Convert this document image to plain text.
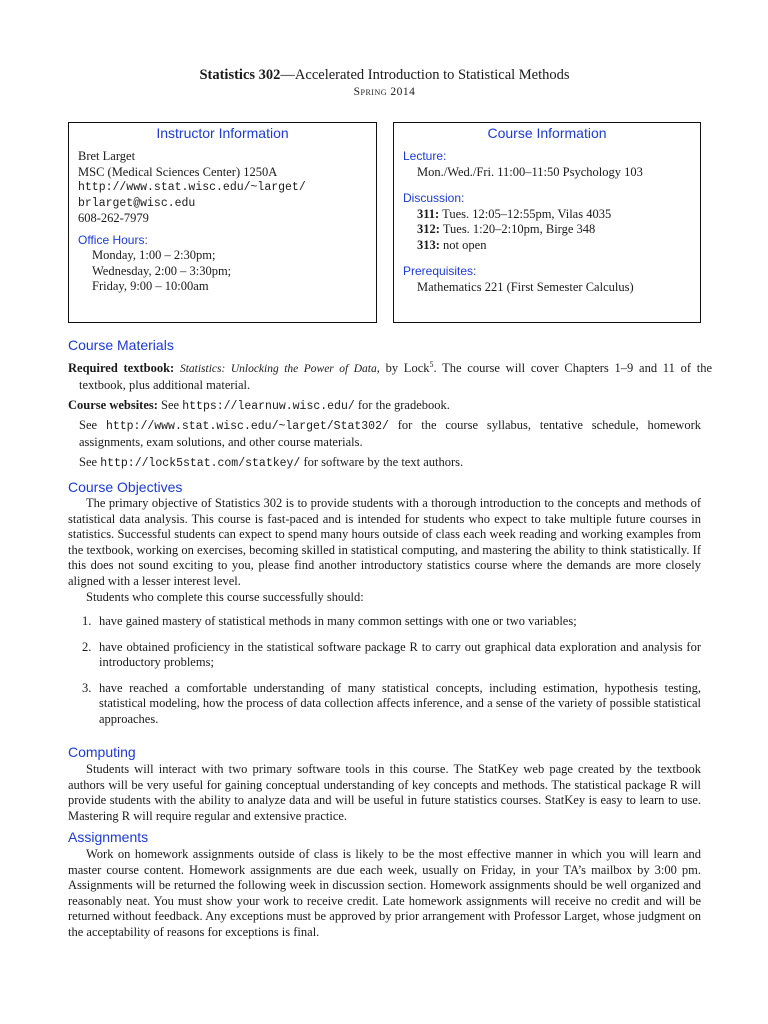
Statistics 302—Accelerated Introduction to Statistical Methods
Spring 2014
Instructor Information
Bret Larget
MSC (Medical Sciences Center) 1250A
http://www.stat.wisc.edu/~larget/
brlarget@wisc.edu
608-262-7979
Office Hours:
Monday, 1:00 – 2:30pm;
Wednesday, 2:00 – 3:30pm;
Friday, 9:00 – 10:00am
Course Information
Lecture:
Mon./Wed./Fri. 11:00–11:50 Psychology 103
Discussion:
311: Tues. 12:05–12:55pm, Vilas 4035
312: Tues. 1:20–2:10pm, Birge 348
313: not open
Prerequisites:
Mathematics 221 (First Semester Calculus)
Course Materials
Required textbook: Statistics: Unlocking the Power of Data, by Lock$^5$. The course will cover Chapters 1–9 and 11 of the textbook, plus additional material.
Course websites: See https://learnuw.wisc.edu/ for the gradebook.
See http://www.stat.wisc.edu/~larget/Stat302/ for the course syllabus, tentative schedule, homework assignments, exam solutions, and other course materials.
See http://lock5stat.com/statkey/ for software by the text authors.
Course Objectives
The primary objective of Statistics 302 is to provide students with a thorough introduction to the concepts and methods of statistical data analysis. This course is fast-paced and is intended for students who expect to take multiple future courses in statistics. Successful students can expect to spend many hours outside of class each week reading and working examples from the textbook, working on exercises, becoming skilled in statistical computing, and mastering the ability to think statistically. If this does not sound exciting to you, please find another introductory statistics course where the demands are more closely aligned with a lesser interest level.
Students who complete this course successfully should:
1. have gained mastery of statistical methods in many common settings with one or two variables;
2. have obtained proficiency in the statistical software package R to carry out graphical data exploration and analysis for introductory problems;
3. have reached a comfortable understanding of many statistical concepts, including estimation, hypothesis testing, statistical modeling, how the process of data collection affects inference, and a sense of the variety of possible statistical approaches.
Computing
Students will interact with two primary software tools in this course. The StatKey web page created by the textbook authors will be very useful for gaining conceptual understanding of key concepts and methods. The statistical package R will provide students with the ability to analyze data and will be useful in future statistics courses. StatKey is easy to learn to use. Mastering R will require regular and extensive practice.
Assignments
Work on homework assignments outside of class is likely to be the most effective manner in which you will learn and master course content. Homework assignments are due each week, usually on Friday, in your TA’s mailbox by 3:00 pm. Assignments will be returned the following week in discussion section. Homework assignments should be well organized and reasonably neat. You must show your work to receive credit. Late homework assignments will receive no credit and will be returned without feedback. Any exceptions must be approved by prior arrangement with Professor Larget, whose judgment on the acceptability of reasons for exceptions is final.
